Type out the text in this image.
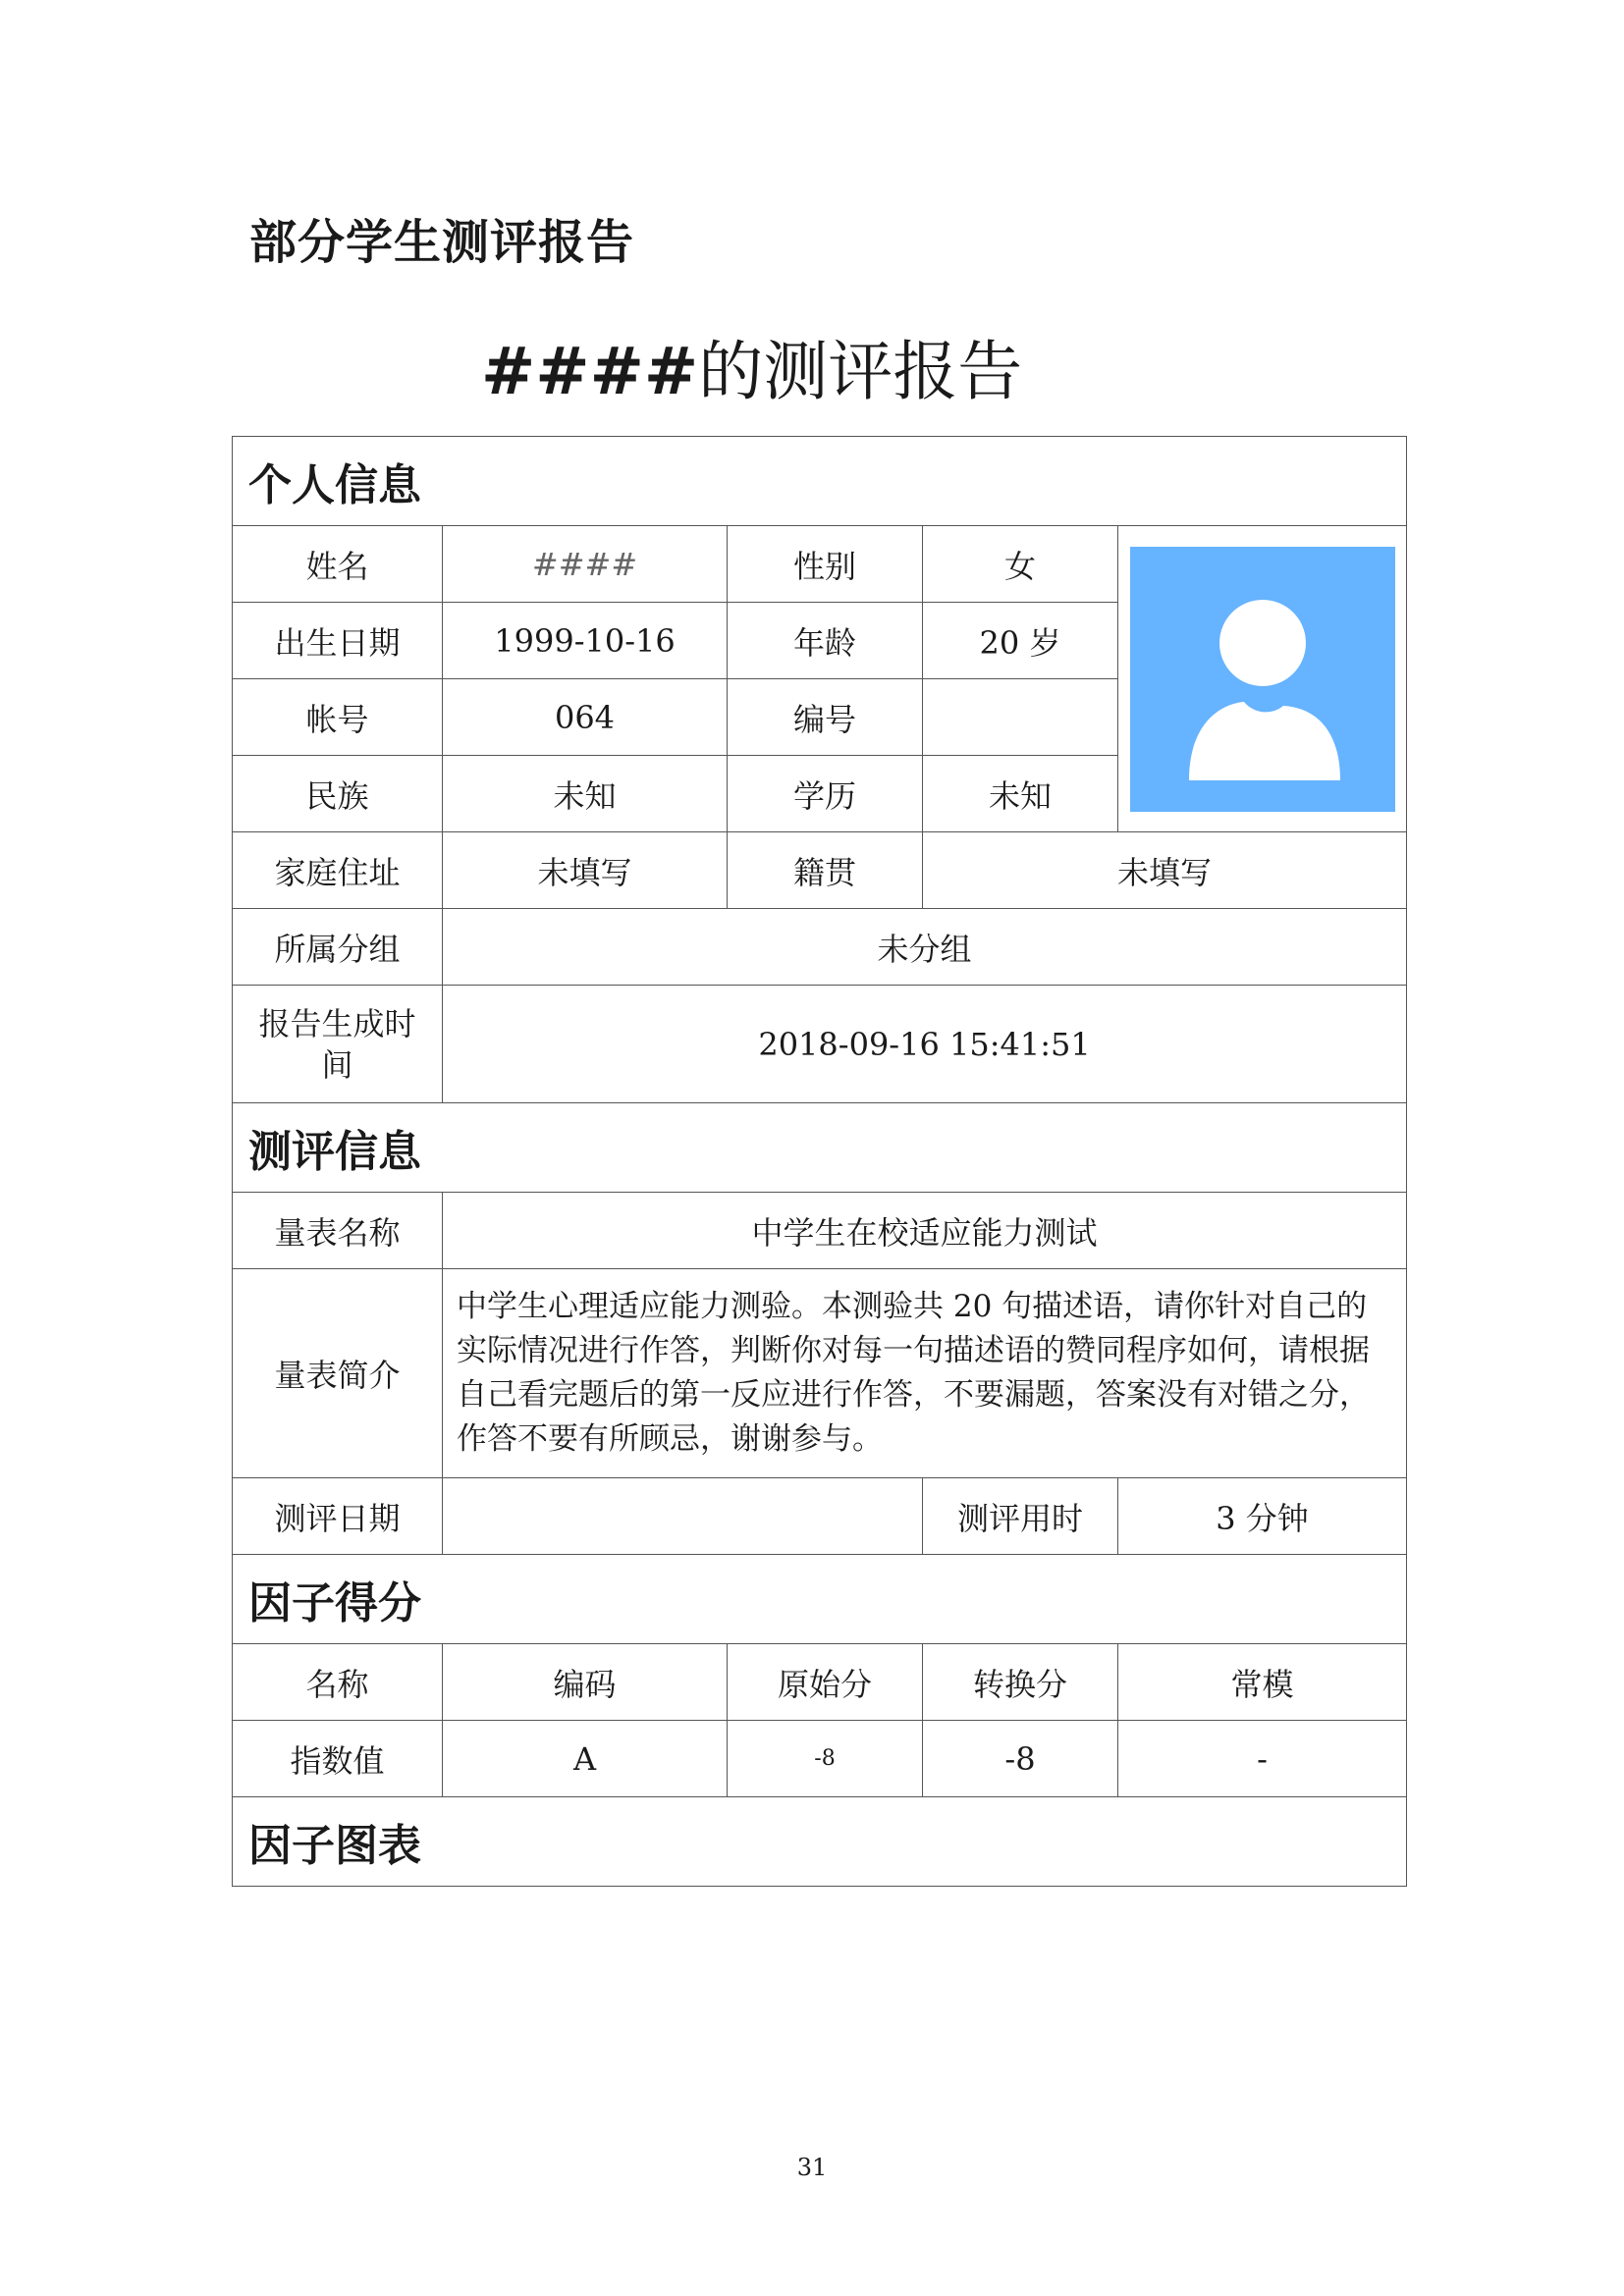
部分学生测评报告
####的测评报告
个人信息				
姓名	####	性别	女	

出生日期	1999-10-16	年龄	20 岁	
帐号	064	编号		
民族	未知	学历	未知	
家庭住址	未填写	籍贯	未填写	
所属分组	未分组			
报告生成时
间	2018-09-16 15:41:51			
测评信息				
量表名称	中学生在校适应能力测试			
量表简介	中学生心理适应能力测验。本测验共 20 句描述语，请你针对自己的实际情况进行作答，判断你对每一句描述语的赞同程序如何，请根据自己看完题后的第一反应进行作答，不要漏题，答案没有对错之分，作答不要有所顾忌，谢谢参与。			
测评日期			测评用时	3 分钟
因子得分				
名称	编码	原始分	转换分	常模
指数值	A	-8	-8	-
因子图表				
31
